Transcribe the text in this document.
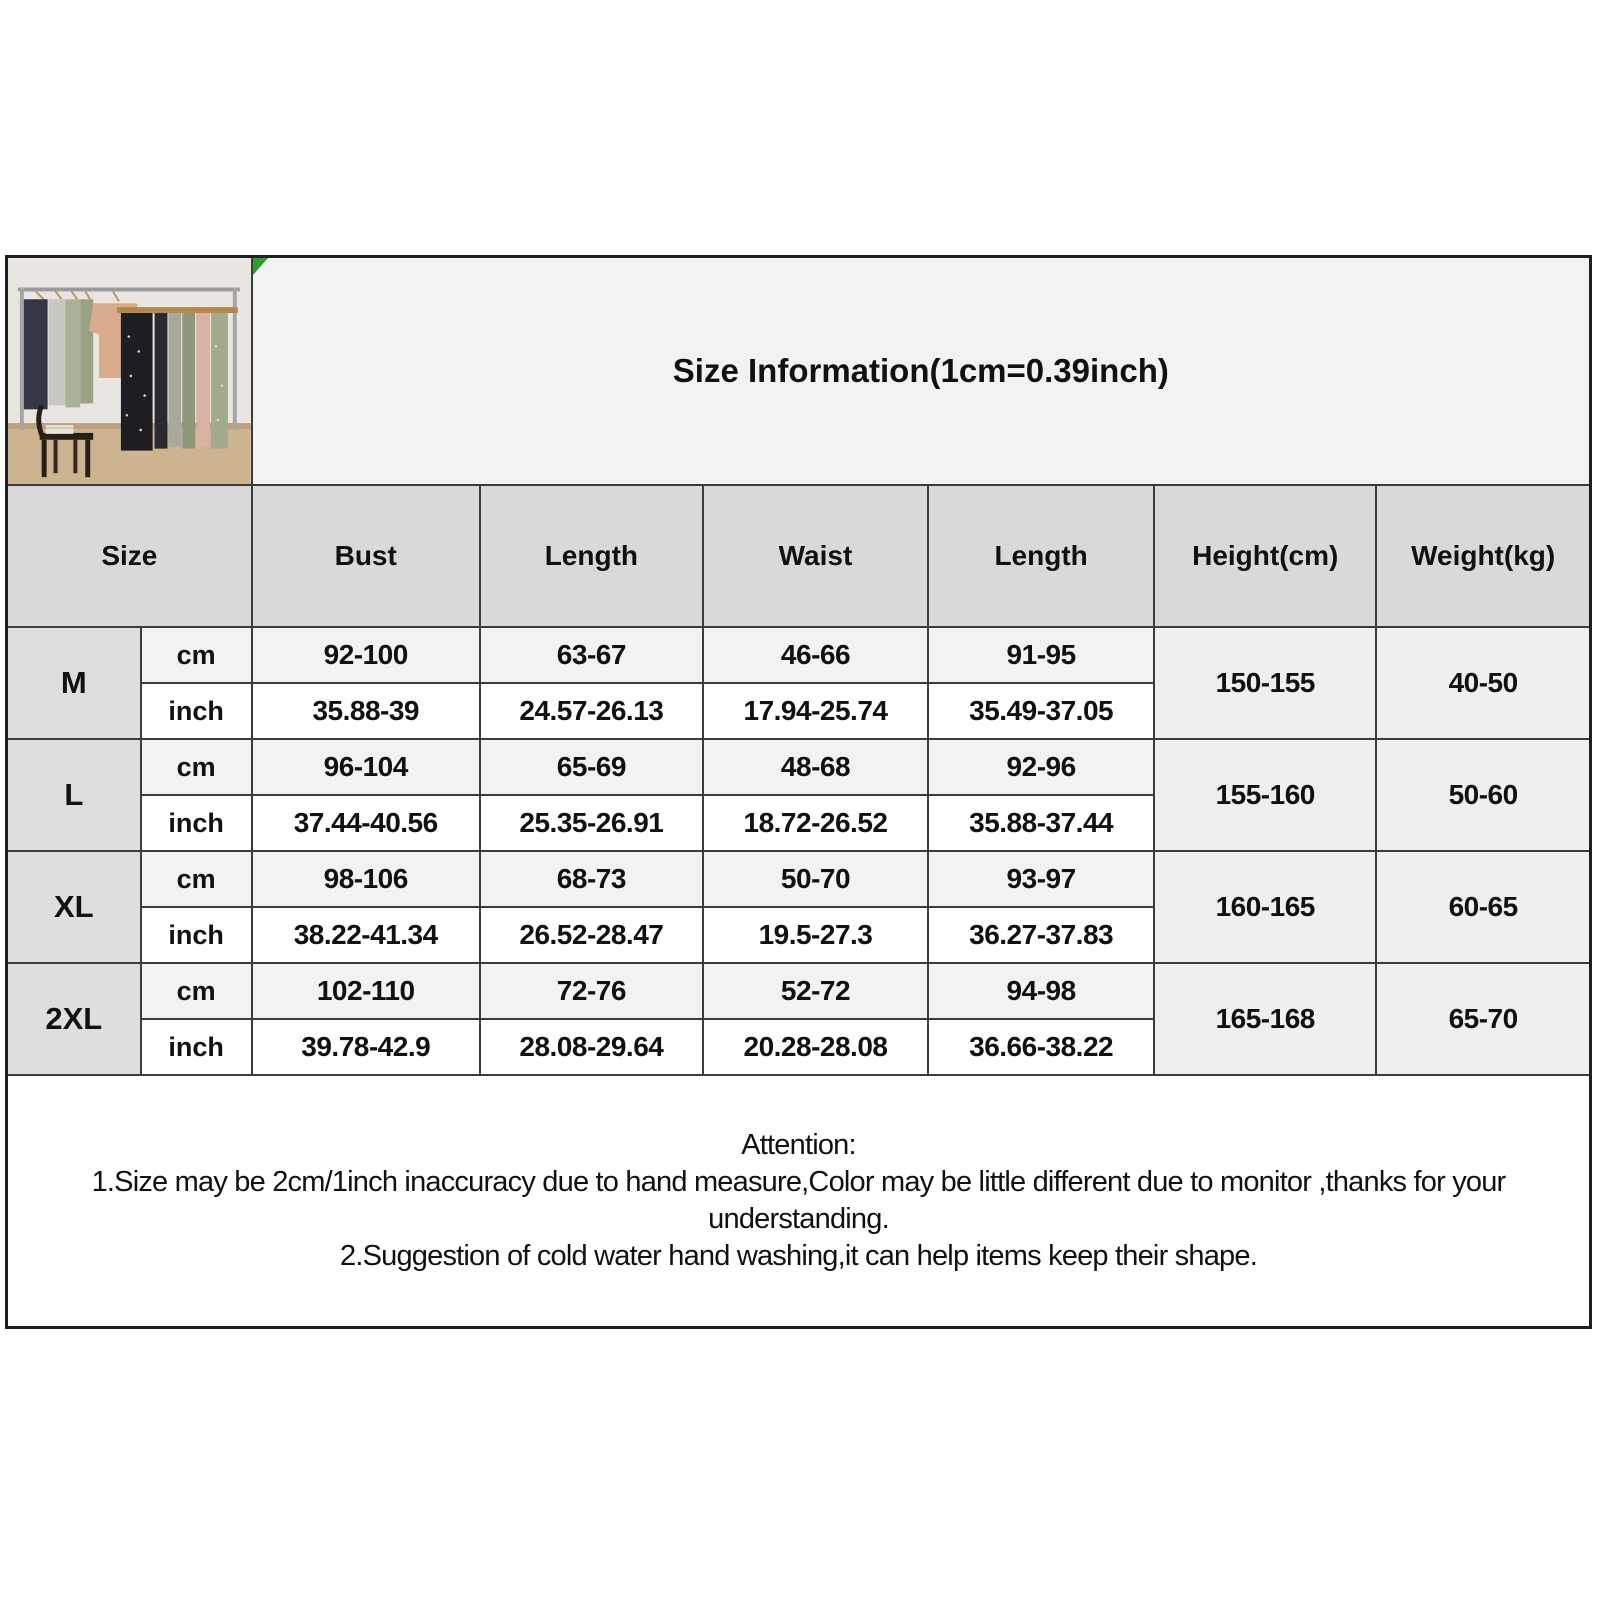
Size Information(1cm=0.39inch)					
Size		Bust	Length	Waist	Length	Height(cm)	Weight(kg)
M	cm	92-100	63-67	46-66	91-95	150-155	40-50
	inch	35.88-39	24.57-26.13	17.94-25.74	35.49-37.05		
L	cm	96-104	65-69	48-68	92-96	155-160	50-60
	inch	37.44-40.56	25.35-26.91	18.72-26.52	35.88-37.44		
XL	cm	98-106	68-73	50-70	93-97	160-165	60-65
	inch	38.22-41.34	26.52-28.47	19.5-27.3	36.27-37.83		
2XL	cm	102-110	72-76	52-72	94-98	165-168	65-70
	inch	39.78-42.9	28.08-29.64	20.28-28.08	36.66-38.22		

Attention:
1.Size may be 2cm/1inch inaccuracy due to hand measure,Color may be little different due to monitor ,thanks for your
understanding.
2.Suggestion of cold water hand washing,it can help items keep their shape.							
